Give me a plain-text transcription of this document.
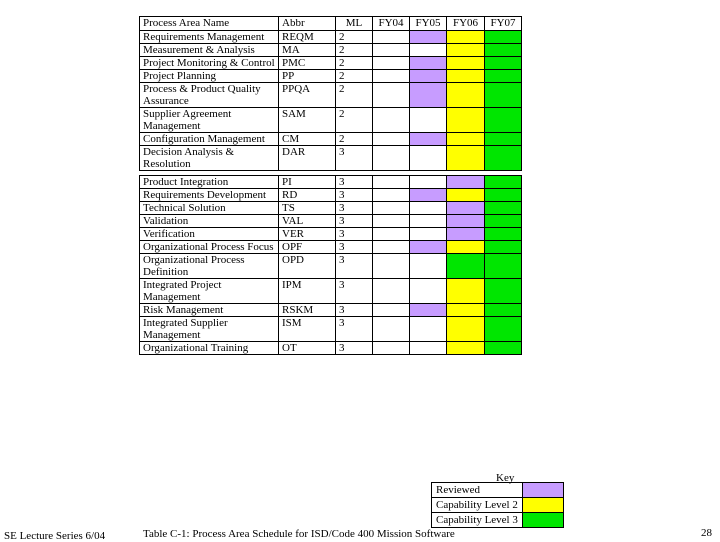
Process Area Name	Abbr	ML	FY04	FY05	FY06	FY07
Requirements Management	REQM	2				
Measurement & Analysis	MA	2				
Project Monitoring & Control	PMC	2				
Project Planning	PP	2				
Process & Product Quality Assurance	PPQA	2				
Supplier Agreement Management	SAM	2				
Configuration Management	CM	2				
Decision Analysis & Resolution	DAR	3				

Product Integration	PI	3				
Requirements Development	RD	3				
Technical Solution	TS	3				
Validation	VAL	3				
Verification	VER	3				
Organizational Process Focus	OPF	3				
Organizational Process Definition	OPD	3				
Integrated Project Management	IPM	3				
Risk Management	RSKM	3				
Integrated Supplier Management	ISM	3				
Organizational Training	OT	3				
Key
Reviewed	
Capability Level 2	
Capability Level 3	
SE Lecture Series 6/04	Table C-1: Process Area Schedule for ISD/Code 400 Mission Software	28
